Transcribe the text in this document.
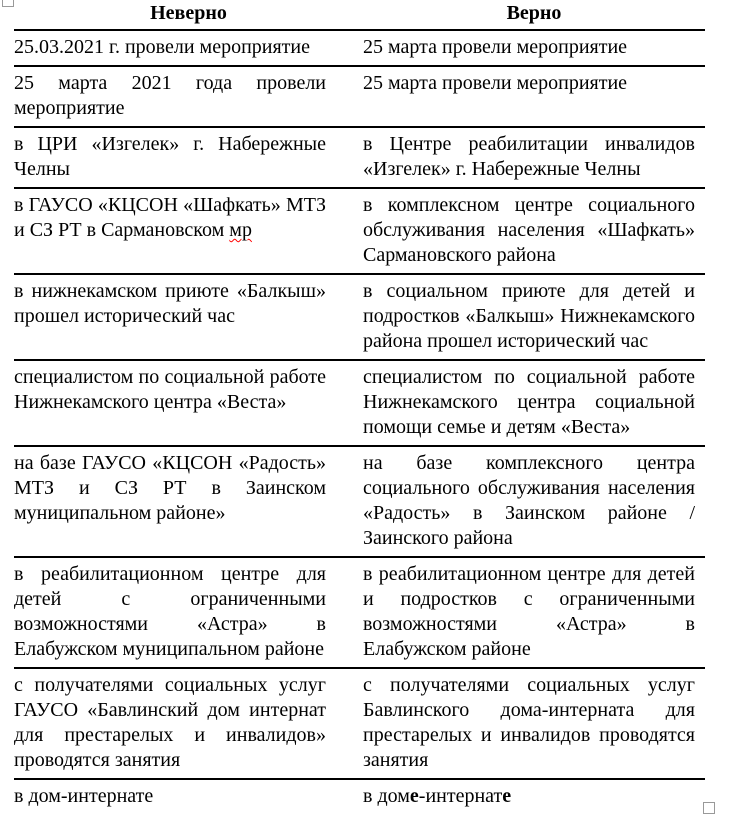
Неверно	Верно
25.03.2021 г. провели мероприятие	25 марта провели мероприятие
25 марта 2021 года провели мероприятие	25 марта провели мероприятие
в ЦРИ «Изгелек» г. Набережные Челны	в Центре реабилитации инвалидов «Изгелек» г. Набережные Челны
в ГАУСО «КЦСОН «Шафкать» МТЗ и СЗ РТ в Сармановском мр	в комплексном центре социального обслуживания населения «Шафкать» Сармановского района
в нижнекамском приюте «Балкыш» прошел исторический час	в социальном приюте для детей и подростков «Балкыш» Нижнекамского района прошел исторический час
специалистом по социальной работе Нижнекамского центра «Веста»	специалистом по социальной работе Нижнекамского центра социальной помощи семье и детям «Веста»
на базе ГАУСО «КЦСОН «Радость» МТЗ и СЗ РТ в Заинском муниципальном районе»	на базе комплексного центра социального обслуживания населения «Радость» в Заинском районе / Заинского района
в реабилитационном центре для детей с ограниченными возможностями «Астра» в Елабужском муниципальном районе	в реабилитационном центре для детей и подростков с ограниченными возможностями «Астра» в Елабужском районе
с получателями социальных услуг ГАУСО «Бавлинский дом интернат для престарелых и инвалидов» проводятся занятия	с получателями социальных услуг Бавлинского дома-интерната для престарелых и инвалидов проводятся занятия
в дом-интернате	в доме-интернате
